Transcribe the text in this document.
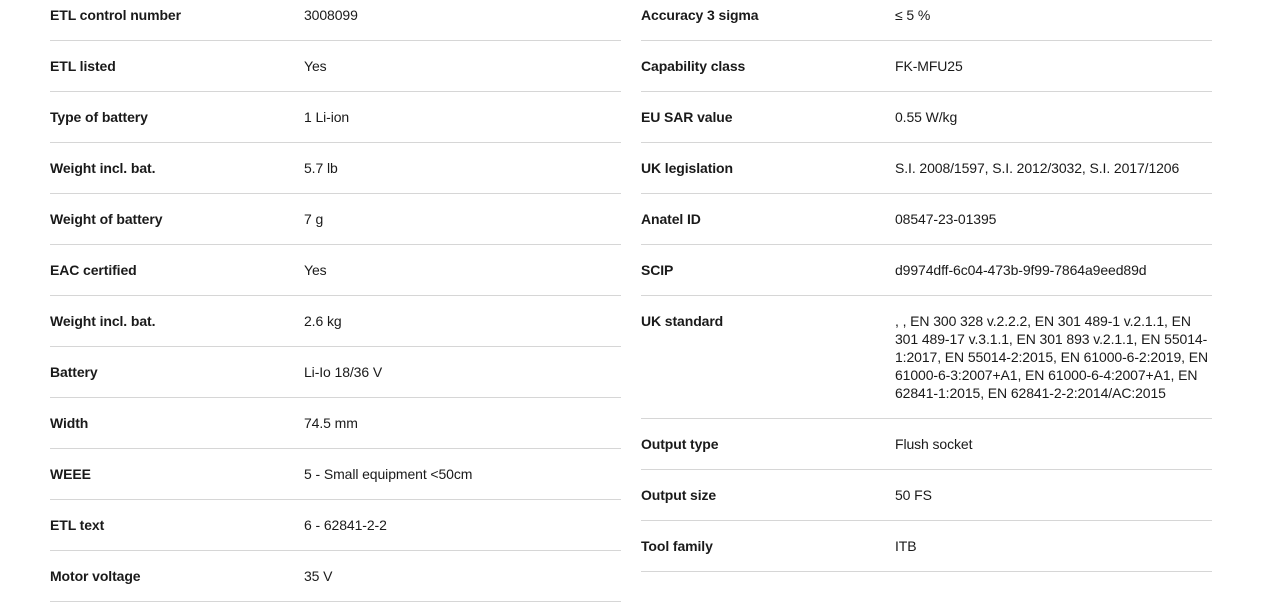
ETL control number	3008099
ETL listed	Yes
Type of battery	1 Li-ion
Weight incl. bat.	5.7 lb
Weight of battery	7 g
EAC certified	Yes
Weight incl. bat.	2.6 kg
Battery	Li-Io 18/36 V
Width	74.5 mm
WEEE	5 - Small equipment <50cm
ETL text	6 - 62841-2-2
Motor voltage	35 V
Accuracy 3 sigma	≤ 5 %
Capability class	FK-MFU25
EU SAR value	0.55 W/kg
UK legislation	S.I. 2008/1597, S.I. 2012/3032, S.I. 2017/1206
Anatel ID	08547-23-01395
SCIP	d9974dff-6c04-473b-9f99-7864a9eed89d
UK standard	, , EN 300 328 v.2.2.2, EN 301 489-1 v.2.1.1, EN 301 489-17 v.3.1.1, EN 301 893 v.2.1.1, EN 55014-1:2017, EN 55014-2:2015, EN 61000-6-2:2019, EN 61000-6-3:2007+A1, EN 61000-6-4:2007+A1, EN 62841-1:2015, EN 62841-2-2:2014/AC:2015
Output type	Flush socket
Output size	50 FS
Tool family	ITB
